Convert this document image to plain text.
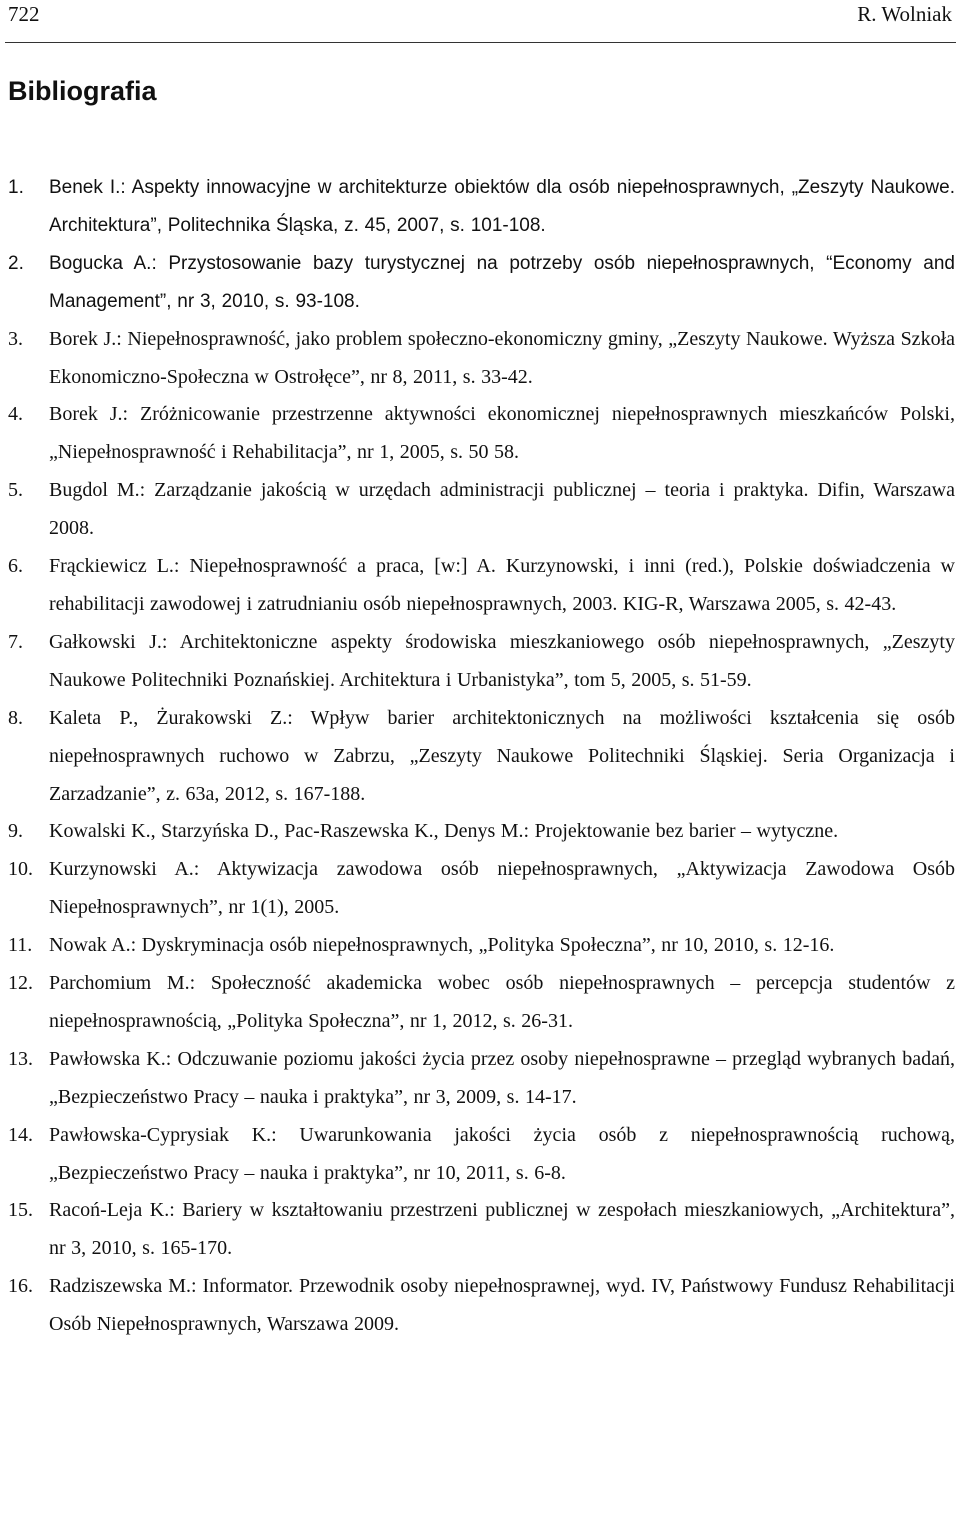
722	R. Wolniak
Bibliografia
1. Benek I.: Aspekty innowacyjne w architekturze obiektów dla osób niepełnosprawnych, „Zeszyty Naukowe. Architektura”, Politechnika Śląska, z. 45, 2007, s. 101-108.
2. Bogucka A.: Przystosowanie bazy turystycznej na potrzeby osób niepełnosprawnych, “Economy and Management”, nr 3, 2010, s. 93-108.
3. Borek J.: Niepełnosprawność, jako problem społeczno-ekonomiczny gminy, „Zeszyty Naukowe. Wyższa Szkoła Ekonomiczno-Społeczna w Ostrołęce”, nr 8, 2011, s. 33-42.
4. Borek J.: Zróżnicowanie przestrzenne aktywności ekonomicznej niepełnosprawnych mieszkańców Polski, „Niepełnosprawność i Rehabilitacja”, nr 1, 2005, s. 50 58.
5. Bugdol M.: Zarządzanie jakością w urzędach administracji publicznej – teoria i praktyka. Difin, Warszawa 2008.
6. Frąckiewicz L.: Niepełnosprawność a praca, [w:] A. Kurzynowski, i inni (red.), Polskie doświadczenia w rehabilitacji zawodowej i zatrudnianiu osób niepełnosprawnych, 2003. KIG-R, Warszawa 2005, s. 42-43.
7. Gałkowski J.: Architektoniczne aspekty środowiska mieszkaniowego osób niepełnosprawnych, „Zeszyty Naukowe Politechniki Poznańskiej. Architektura i Urbanistyka”, tom 5, 2005, s. 51-59.
8. Kaleta P., Żurakowski Z.: Wpływ barier architektonicznych na możliwości kształcenia się osób niepełnosprawnych ruchowo w Zabrzu, „Zeszyty Naukowe Politechniki Śląskiej. Seria Organizacja i Zarzadzanie”, z. 63a, 2012, s. 167-188.
9. Kowalski K., Starzyńska D., Pac-Raszewska K., Denys M.: Projektowanie bez barier – wytyczne.
10. Kurzynowski A.: Aktywizacja zawodowa osób niepełnosprawnych, „Aktywizacja Zawodowa Osób Niepełnosprawnych”, nr 1(1), 2005.
11. Nowak A.: Dyskryminacja osób niepełnosprawnych, „Polityka Społeczna”, nr 10, 2010, s. 12-16.
12. Parchomium M.: Społeczność akademicka wobec osób niepełnosprawnych – percepcja studentów z niepełnosprawnością, „Polityka Społeczna”, nr 1, 2012, s. 26-31.
13. Pawłowska K.: Odczuwanie poziomu jakości życia przez osoby niepełnosprawne – przegląd wybranych badań, „Bezpieczeństwo Pracy – nauka i praktyka”, nr 3, 2009, s. 14-17.
14. Pawłowska-Cyprysiak K.: Uwarunkowania jakości życia osób z niepełnosprawnością ruchową, „Bezpieczeństwo Pracy – nauka i praktyka”, nr 10, 2011, s. 6-8.
15. Racoń-Leja K.: Bariery w kształtowaniu przestrzeni publicznej w zespołach mieszkaniowych, „Architektura”, nr 3, 2010, s. 165-170.
16. Radziszewska M.: Informator. Przewodnik osoby niepełnosprawnej, wyd. IV, Państwowy Fundusz Rehabilitacji Osób Niepełnosprawnych, Warszawa 2009.
